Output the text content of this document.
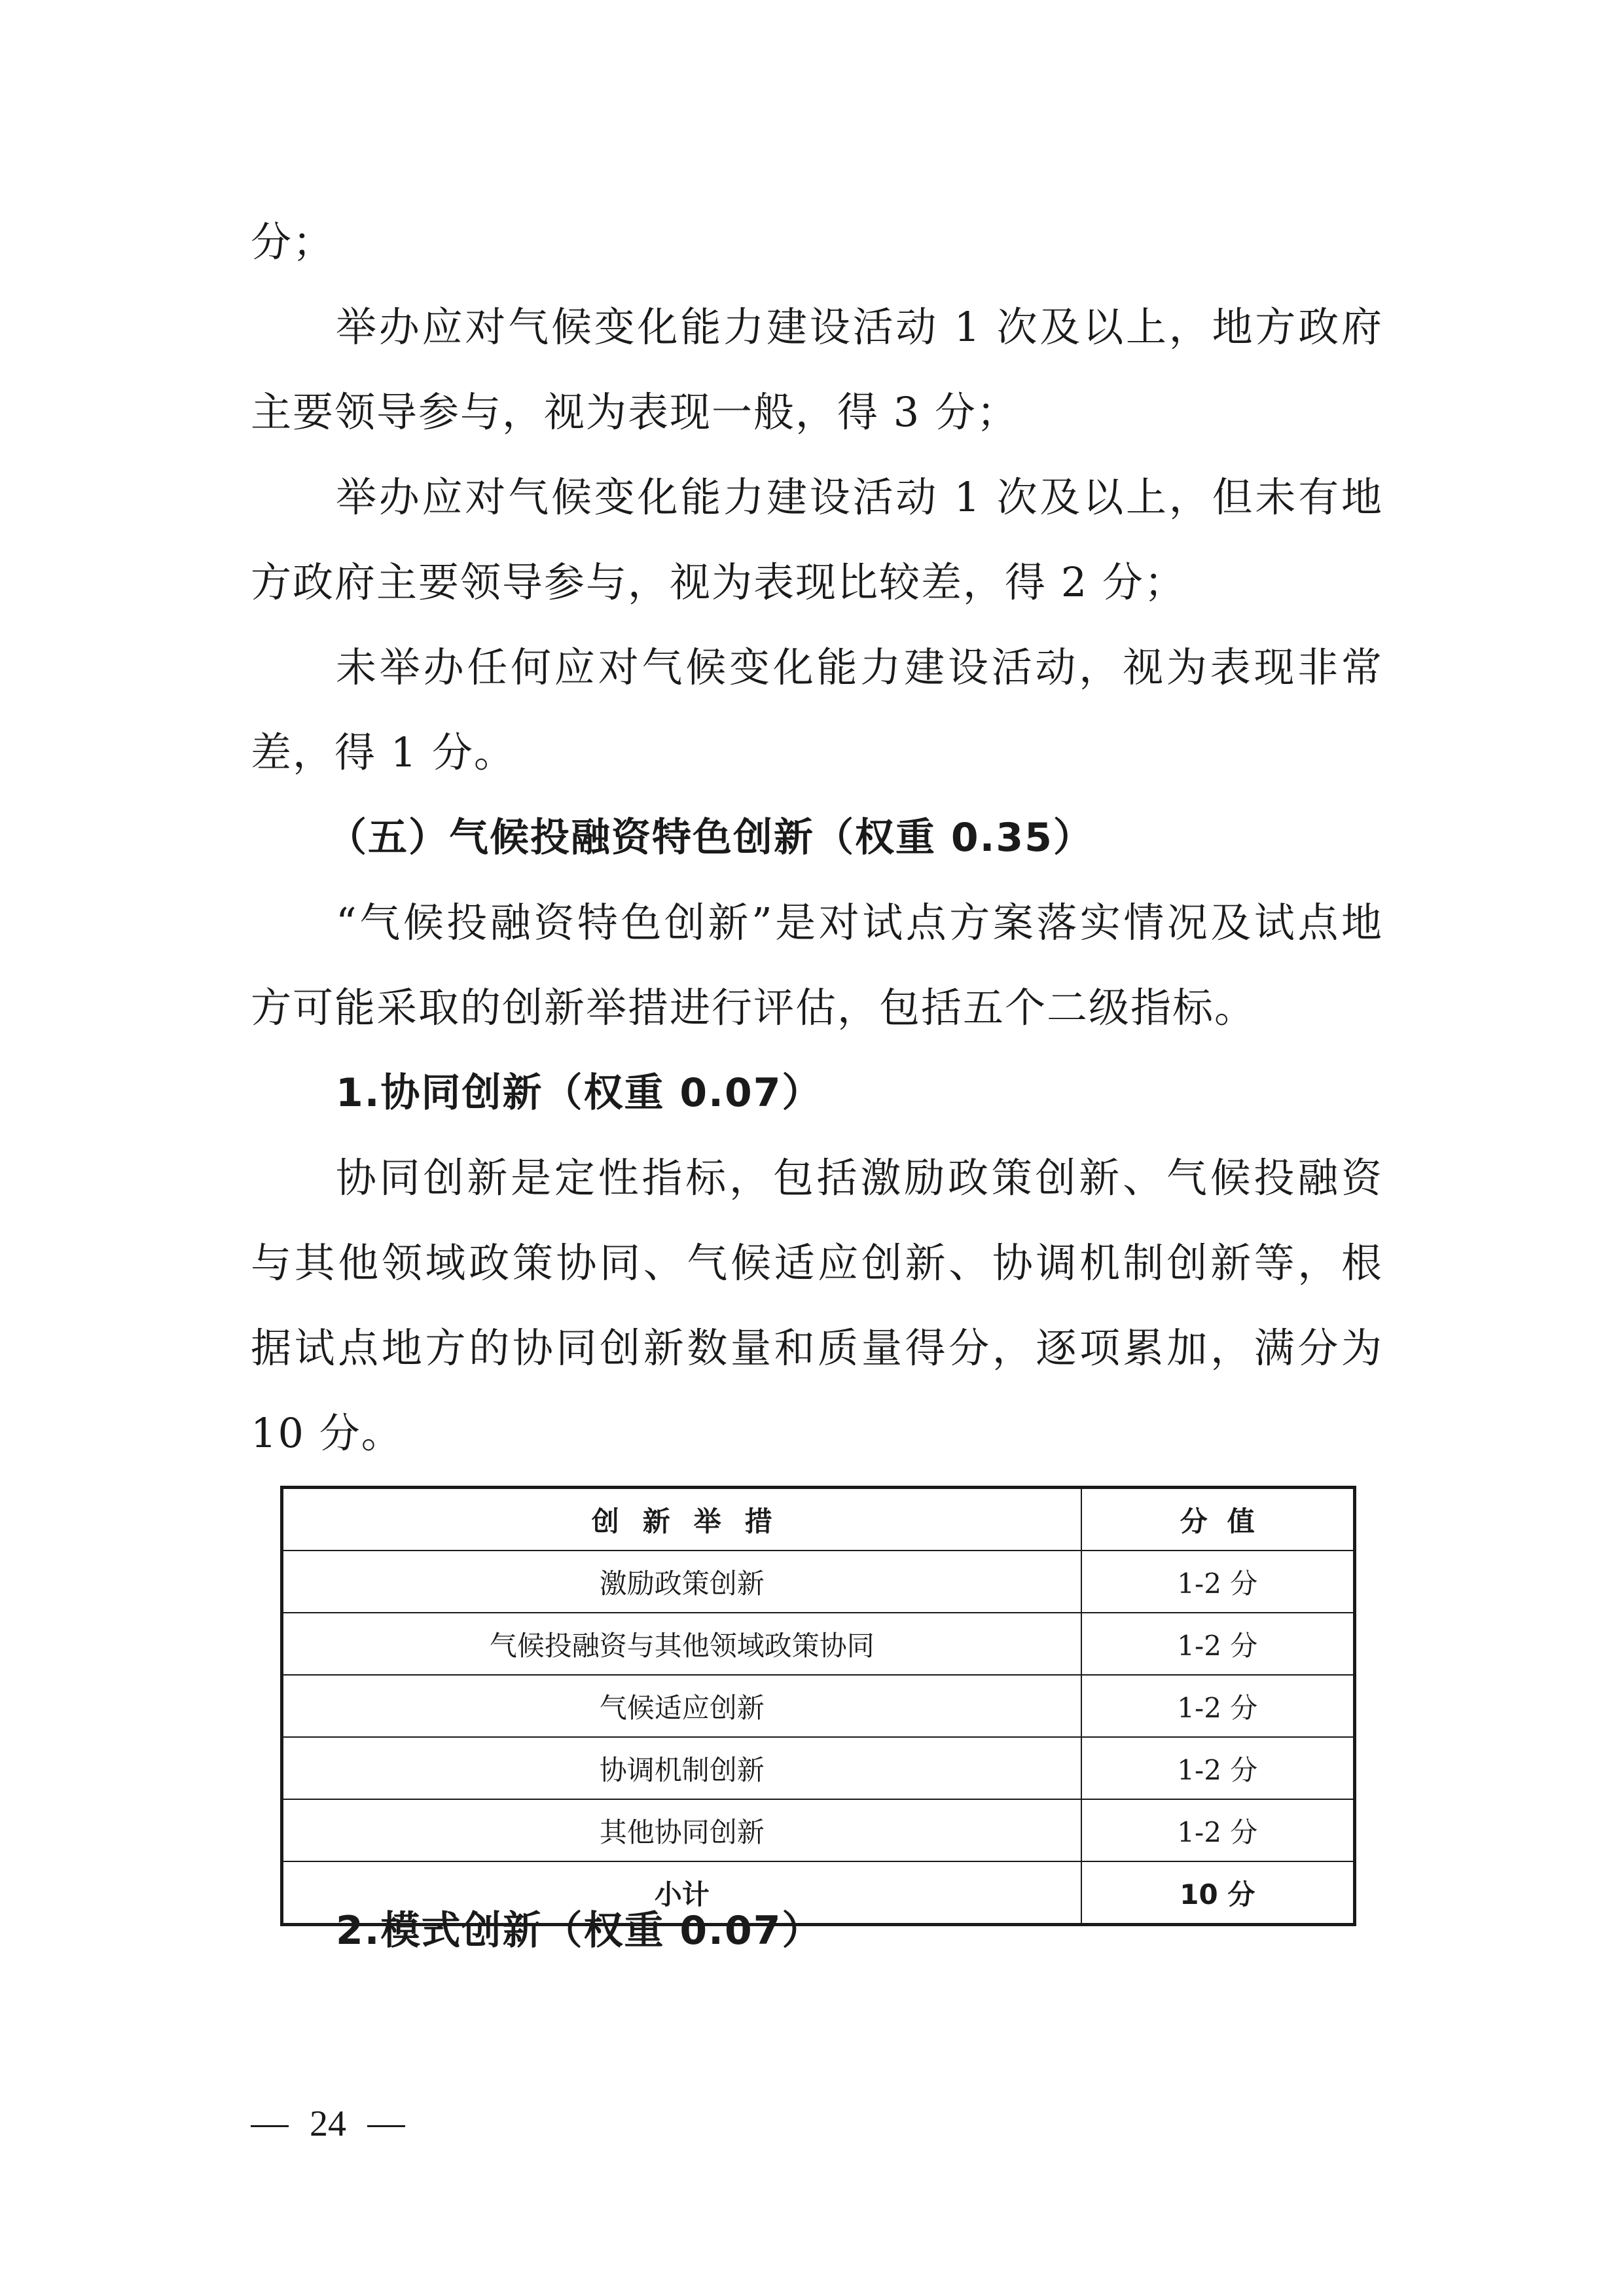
分；
举办应对气候变化能力建设活动 1 次及以上，地方政府
主要领导参与，视为表现一般，得 3 分；
举办应对气候变化能力建设活动 1 次及以上，但未有地
方政府主要领导参与，视为表现比较差，得 2 分；
未举办任何应对气候变化能力建设活动，视为表现非常
差，得 1 分。
（五）气候投融资特色创新（权重 0.35）
“气候投融资特色创新”是对试点方案落实情况及试点地
方可能采取的创新举措进行评估，包括五个二级指标。
1.协同创新（权重 0.07）
协同创新是定性指标，包括激励政策创新、气候投融资
与其他领域政策协同、气候适应创新、协调机制创新等，根
据试点地方的协同创新数量和质量得分，逐项累加，满分为
10 分。
创新举措	分值
激励政策创新	1-2 分
气候投融资与其他领域政策协同	1-2 分
气候适应创新	1-2 分
协调机制创新	1-2 分
其他协同创新	1-2 分
小计	10 分
2.模式创新（权重 0.07）
24
